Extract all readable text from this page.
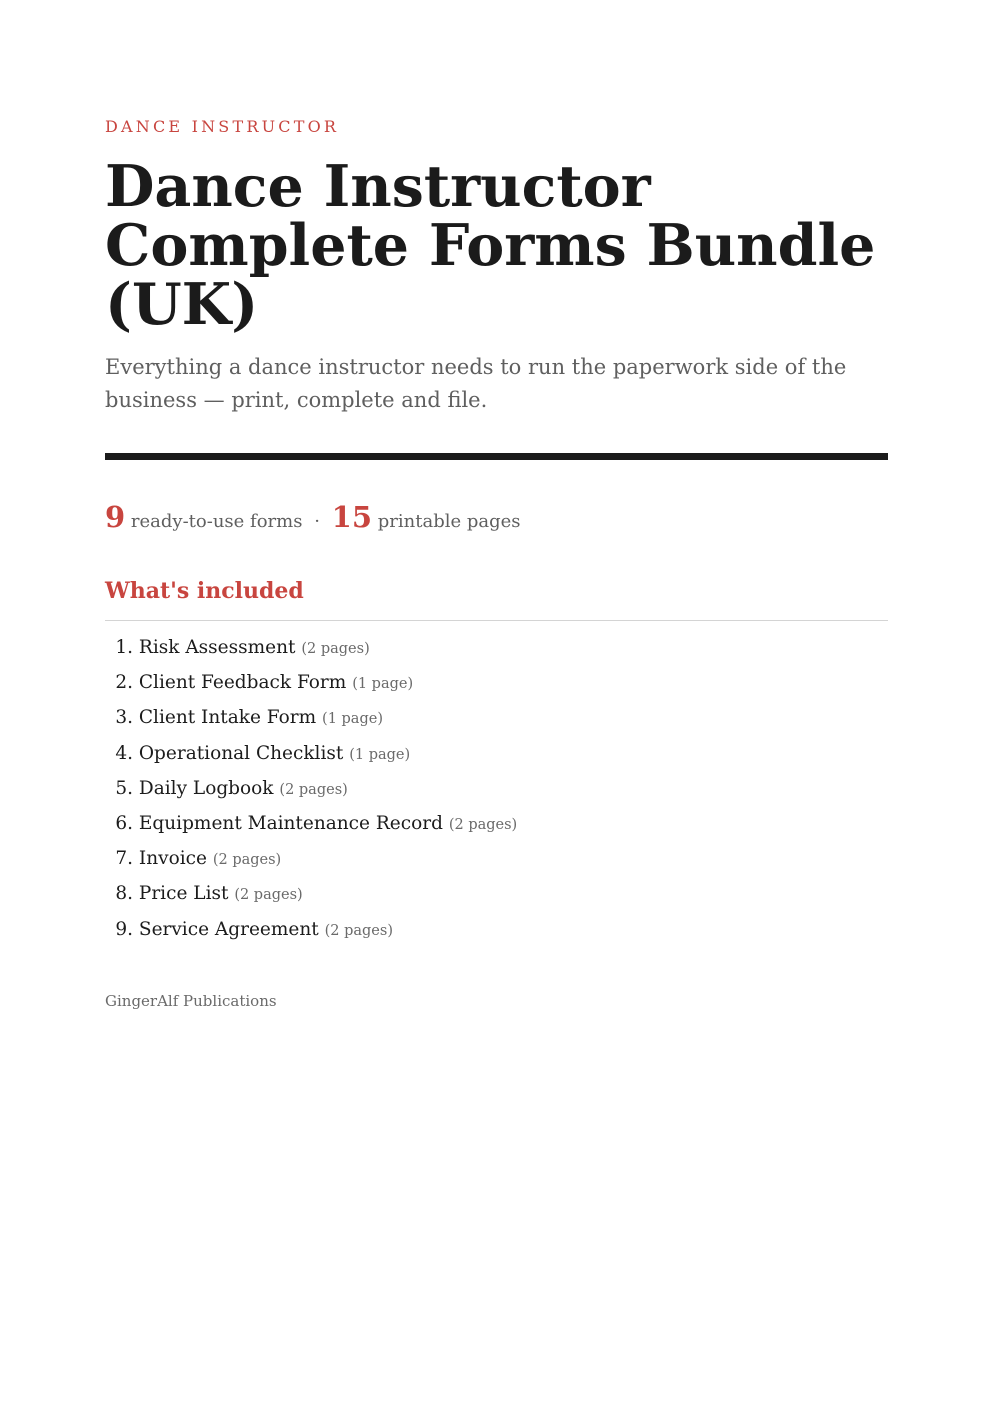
DANCE INSTRUCTOR
Dance Instructor Complete Forms Bundle (UK)

Everything a dance instructor needs to run the paperwork side of the business — print, complete and file.

9 ready-to-use forms · 15 printable pages
What's included
1. Risk Assessment (2 pages)
2. Client Feedback Form (1 page)
3. Client Intake Form (1 page)
4. Operational Checklist (1 page)
5. Daily Logbook (2 pages)
6. Equipment Maintenance Record (2 pages)
7. Invoice (2 pages)
8. Price List (2 pages)
9. Service Agreement (2 pages)
GingerAlf Publications
